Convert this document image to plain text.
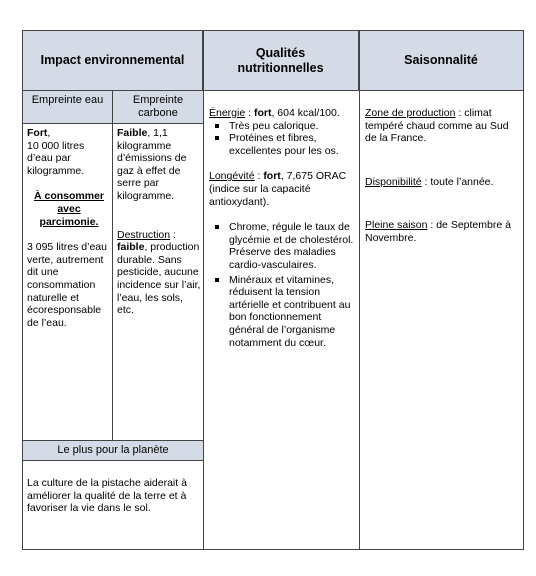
Impact environnemental
Qualités nutritionnelles
Saisonnalité
Empreinte eau	Empreinte carbone

Fort,

10 000 litres d’eau par kilogramme.

À consommer avec parcimonie.

3 095 litres d’eau verte, autrement dit une consommation naturelle et écoresponsable de l’eau.

Faible, 1,1 kilogramme d’émissions de gaz à effet de serre par kilogramme.

Destruction :
faible, production durable. Sans pesticide, aucune incidence sur l’air, l’eau, les sols, etc.

Le plus pour la planète

La culture de la pistache aiderait à améliorer la qualité de la terre et à favoriser la vie dans le sol.

Énergie : fort, 604 kcal/100.

Très peu calorique.
Protéines et fibres, excellentes pour les os.

Longévité : fort, 7,675 ORAC (indice sur la capacité antioxydant).

Chrome, régule le taux de glycémie et de cholestérol. Préserve des maladies cardio-vasculaires.
Minéraux et vitamines, réduisent la tension artérielle et contribuent au bon fonctionnement général de l’organisme notamment du cœur.

Zone de production : climat tempéré chaud comme au Sud de la France.

Disponibilité : toute l’année.

Pleine saison : de Septembre à Novembre.
